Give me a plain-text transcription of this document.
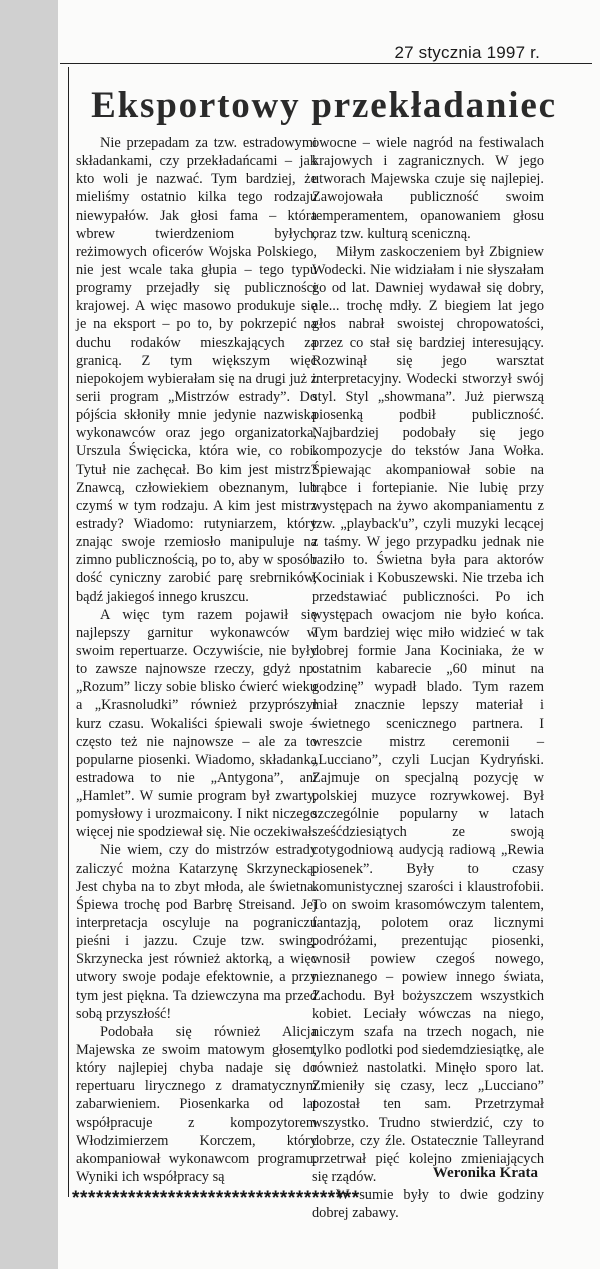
27 stycznia 1997 r.
Eksportowy przekładaniec

Nie przepadam za tzw. estradowymi składankami, czy przekładańcami – jak kto woli je nazwać. Tym bardziej, że mieliśmy ostatnio kilka tego rodzaju niewypałów. Jak głosi fama – która wbrew twierdzeniom byłych, reżimowych oficerów Wojska Polskiego, nie jest wcale taka głupia – tego typu programy przejadły się publiczności krajowej. A więc masowo produkuje się je na eksport – po to, by pokrzepić na duchu rodaków mieszkających za granicą. Z tym większym więc niepokojem wybierałam się na drugi już z serii program „Mistrzów estrady”. Do pójścia skłoniły mnie jedynie nazwiska wykonawców oraz jego organizatorka, Urszula Święcicka, która wie, co robi. Tytuł nie zachęcał. Bo kim jest mistrz? Znawcą, człowiekiem obeznanym, lub czymś w tym rodzaju. A kim jest mistrz estrady? Wiadomo: rutyniarzem, który znając swoje rzemiosło manipuluje na zimno publicznością, po to, aby w sposób dość cyniczny zarobić parę srebrników, bądź jakiegoś innego kruszcu.

A więc tym razem pojawił się najlepszy garnitur wykonawców w swoim repertuarze. Oczywiście, nie były to zawsze najnowsze rzeczy, gdyż np. „Rozum” liczy sobie blisko ćwierć wieku a „Krasnoludki” również przyprószył kurz czasu. Wokaliści śpiewali swoje – często też nie najnowsze – ale za to popularne piosenki. Wiadomo, składanka estradowa to nie „Antygona”, ani „Hamlet”. W sumie program był zwarty, pomysłowy i urozmaicony. I nikt niczego więcej nie spodziewał się. Nie oczekiwał.

Nie wiem, czy do mistrzów estrady zaliczyć można Katarzynę Skrzynecką. Jest chyba na to zbyt młoda, ale świetna. Śpiewa trochę pod Barbrę Streisand. Jej interpretacja oscyluje na pograniczu pieśni i jazzu. Czuje tzw. swing. Skrzynecka jest również aktorką, a więc utwory swoje podaje efektownie, a przy tym jest piękna. Ta dziewczyna ma przed sobą przyszłość!

Podobała się również Alicja Majewska ze swoim matowym głosem, który najlepiej chyba nadaje się do repertuaru lirycznego z dramatycznym zabarwieniem. Piosenkarka od lat współpracuje z kompozytorem Włodzimierzem Korczem, który akompaniował wykonawcom programu. Wyniki ich współpracy są

owocne – wiele nagród na festiwalach krajowych i zagranicznych. W jego utworach Majewska czuje się najlepiej. Zawojowała publiczność swoim temperamentem, opanowaniem głosu oraz tzw. kulturą sceniczną.

Miłym zaskoczeniem był Zbigniew Wodecki. Nie widziałam i nie słyszałam go od lat. Dawniej wydawał się dobry, ale... trochę mdły. Z biegiem lat jego głos nabrał swoistej chropowatości, przez co stał się bardziej interesujący. Rozwinął się jego warsztat interpretacyjny. Wodecki stworzył swój styl. Styl „showmana”. Już pierwszą piosenką podbił publiczność. Najbardziej podobały się jego kompozycje do tekstów Jana Wołka. Śpiewając akompaniował sobie na trąbce i fortepianie. Nie lubię przy występach na żywo akompaniamentu z tzw. „playback'u”, czyli muzyki lecącej z taśmy. W jego przypadku jednak nie raziło to. Świetna była para aktorów Kociniak i Kobuszewski. Nie trzeba ich przedstawiać publiczności. Po ich występach owacjom nie było końca. Tym bardziej więc miło widzieć w tak dobrej formie Jana Kociniaka, że w ostatnim kabarecie „60 minut na godzinę” wypadł blado. Tym razem miał znacznie lepszy materiał i świetnego scenicznego partnera. I wreszcie mistrz ceremonii – „Lucciano”, czyli Lucjan Kydryński. Zajmuje on specjalną pozycję w polskiej muzyce rozrywkowej. Był szczególnie popularny w latach sześćdziesiątych ze swoją cotygodniową audycją radiową „Rewia piosenek”. Były to czasy komunistycznej szarości i klaustrofobii. To on swoim krasomówczym talentem, fantazją, polotem oraz licznymi podróżami, prezentując piosenki, wnosił powiew czegoś nowego, nieznanego – powiew innego świata, Zachodu. Był bożyszczem wszystkich kobiet. Leciały wówczas na niego, niczym szafa na trzech nogach, nie tylko podlotki pod siedemdziesiątkę, ale również nastolatki. Minęło sporo lat. Zmieniły się czasy, lecz „Lucciano” pozostał ten sam. Przetrzymał wszystko. Trudno stwierdzić, czy to dobrze, czy źle. Ostatecznie Talleyrand przetrwał pięć kolejno zmieniających się rządów.

W sumie były to dwie godziny dobrej zabawy.

Weronika Krata
************************************
